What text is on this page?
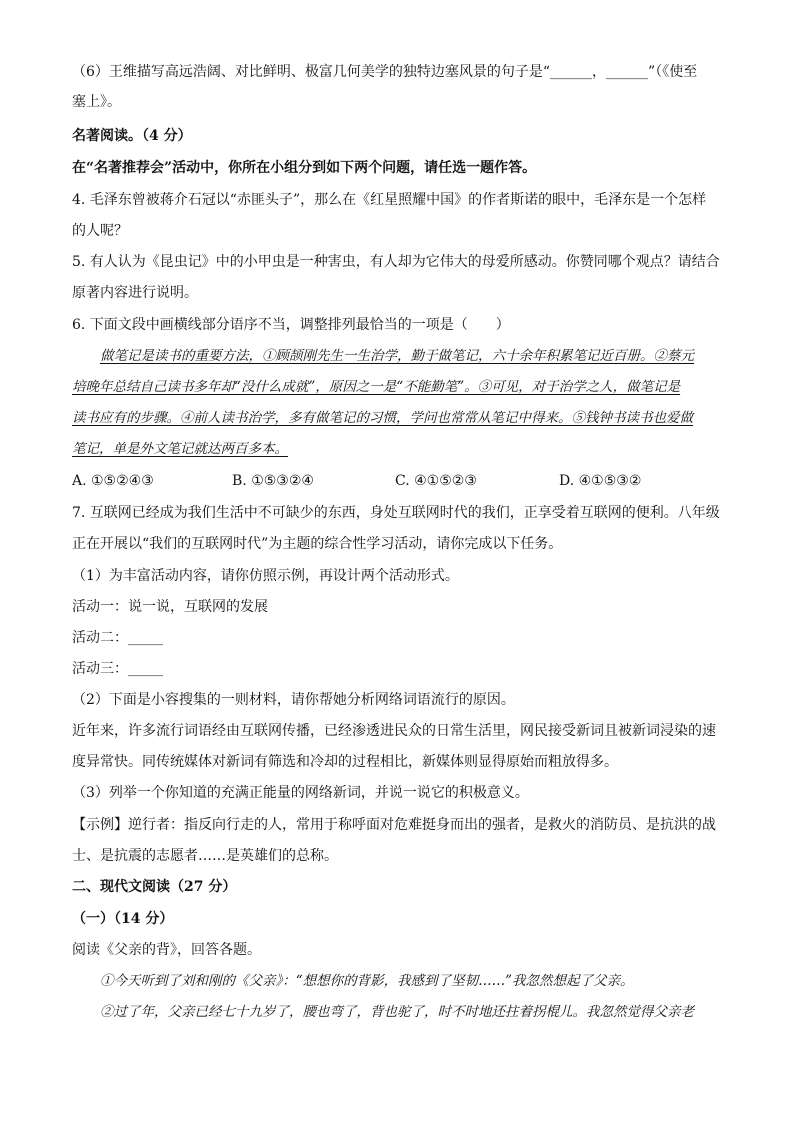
（6）王维描写高远浩阔、对比鲜明、极富几何美学的独特边塞风景的句子是“______，______”（《使至
塞上》。
名著阅读。（4 分）
在“名著推荐会”活动中，你所在小组分到如下两个问题，请任选一题作答。
4. 毛泽东曾被蒋介石冠以“赤匪头子”，那么在《红星照耀中国》的作者斯诺的眼中，毛泽东是一个怎样
的人呢？
5. 有人认为《昆虫记》中的小甲虫是一种害虫，有人却为它伟大的母爱所感动。你赞同哪个观点？请结合
原著内容进行说明。
6. 下面文段中画横线部分语序不当，调整排列最恰当的一项是（　　）
做笔记是读书的重要方法，①顾颉刚先生一生治学，勤于做笔记，六十余年积累笔记近百册。②蔡元
培晚年总结自己读书多年却“没什么成就”，原因之一是“不能勤笔”。③可见，对于治学之人，做笔记是
读书应有的步骤。④前人读书治学，多有做笔记的习惯，学问也常常从笔记中得来。⑤钱钟书读书也爱做
笔记，单是外文笔记就达两百多本。
A. ①⑤②④③	B. ①⑤③②④	C. ④①⑤②③	D. ④①⑤③②
7. 互联网已经成为我们生活中不可缺少的东西，身处互联网时代的我们，正享受着互联网的便利。八年级
正在开展以“我们的互联网时代”为主题的综合性学习活动，请你完成以下任务。
（1）为丰富活动内容，请你仿照示例，再设计两个活动形式。
活动一：说一说，互联网的发展
活动二：_____
活动三：_____
（2）下面是小容搜集的一则材料，请你帮她分析网络词语流行的原因。
近年来，许多流行词语经由互联网传播，已经渗透进民众的日常生活里，网民接受新词且被新词浸染的速
度异常快。同传统媒体对新词有筛选和冷却的过程相比，新媒体则显得原始而粗放得多。
（3）列举一个你知道的充满正能量的网络新词，并说一说它的积极意义。
【示例】逆行者：指反向行走的人，常用于称呼面对危难挺身而出的强者，是救火的消防员、是抗洪的战
士、是抗震的志愿者……是英雄们的总称。
二、现代文阅读（27 分）
（一）（14 分）
阅读《父亲的背》，回答各题。
①今天听到了刘和刚的《父亲》：“想想你的背影，我感到了坚韧……”我忽然想起了父亲。
②过了年，父亲已经七十九岁了，腰也弯了，背也驼了，时不时地还拄着拐棍儿。我忽然觉得父亲老
